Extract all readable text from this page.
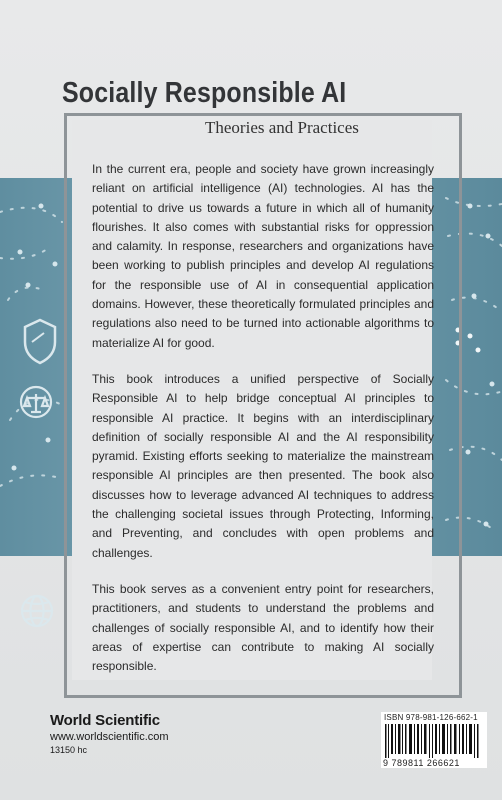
Socially Responsible AI
Theories and Practices

In the current era, people and society have grown increasingly reliant on artificial intelligence (AI) technologies. AI has the potential to drive us towards a future in which all of humanity flourishes. It also comes with substantial risks for oppression and calamity. In response, researchers and organizations have been working to publish principles and develop AI regulations for the responsible use of AI in consequential application domains. However, these theoretically formulated principles and regulations also need to be turned into actionable algorithms to materialize AI for good.

This book introduces a unified perspective of Socially Responsible AI to help bridge conceptual AI principles to responsible AI practice. It begins with an interdisciplinary definition of socially responsible AI and the AI responsibility pyramid. Existing efforts seeking to materialize the mainstream responsible AI principles are then presented. The book also discusses how to leverage advanced AI techniques to address the challenging societal issues through Protecting, Informing, and Preventing, and concludes with open problems and challenges.

This book serves as a convenient entry point for researchers, practitioners, and students to understand the problems and challenges of socially responsible AI, and to identify how their areas of expertise can contribute to making AI socially responsible.

World Scientific
www.worldscientific.com
13150 hc
ISBN 978-981-126-662-1
9 789811 266621
